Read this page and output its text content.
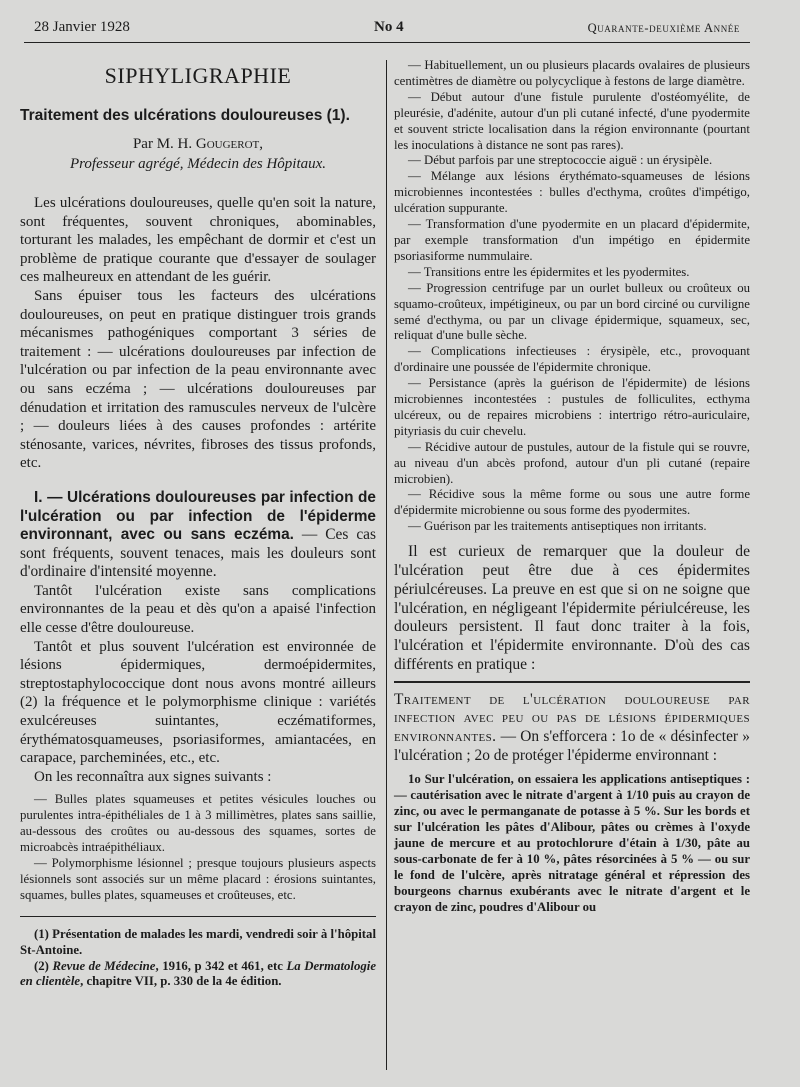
28 Janvier 1928	No 4	Quarante-deuxième Année
SIPHYLIGRAPHIE
Traitement des ulcérations douloureuses (1).

Par M. H. Gougerot,

Professeur agrégé, Médecin des Hôpitaux.

Les ulcérations douloureuses, quelle qu'en soit la nature, sont fréquentes, souvent chroniques, abominables, torturant les malades, les empêchant de dormir et c'est un problème de pratique courante que d'essayer de soulager ces malheureux en attendant de les guérir.

Sans épuiser tous les facteurs des ulcérations douloureuses, on peut en pratique distinguer trois grands mécanismes pathogéniques comportant 3 séries de traitement : — ulcérations douloureuses par infection de l'ulcération ou par infection de la peau environnante avec ou sans eczéma ; — ulcérations douloureuses par dénudation et irritation des ramuscules nerveux de l'ulcère ; — douleurs liées à des causes profondes : artérite sténosante, varices, névrites, fibroses des tissus profonds, etc.

I. — Ulcérations douloureuses par infection de l'ulcération ou par infection de l'épiderme environnant, avec ou sans eczéma. — Ces cas sont fréquents, souvent tenaces, mais les douleurs sont d'ordinaire d'intensité moyenne.

Tantôt l'ulcération existe sans complications environnantes de la peau et dès qu'on a apaisé l'infection elle cesse d'être douloureuse.

Tantôt et plus souvent l'ulcération est environnée de lésions épidermiques, dermoépidermites, streptostaphylococcique dont nous avons montré ailleurs (2) la fréquence et le polymorphisme clinique : variétés exulcéreuses suintantes, eczématiformes, érythématosquameuses, psoriasiformes, amiantacées, en carapace, parcheminées, etc., etc.

On les reconnaîtra aux signes suivants :

— Bulles plates squameuses et petites vésicules louches ou purulentes intra-épithéliales de 1 à 3 millimètres, plates sans saillie, au-dessous des croûtes ou au-dessous des squames, sortes de microabcès intraépithéliaux.

— Polymorphisme lésionnel ; presque toujours plusieurs aspects lésionnels sont associés sur un même placard : érosions suintantes, squames, bulles plates, squameuses et croûteuses, etc.

(1) Présentation de malades les mardi, vendredi soir à l'hôpital St-Antoine.

(2) Revue de Médecine, 1916, p 342 et 461, etc La Dermatologie en clientèle, chapitre VII, p. 330 de la 4e édition.

— Habituellement, un ou plusieurs placards ovalaires de plusieurs centimètres de diamètre ou polycyclique à festons de large diamètre.

— Début autour d'une fistule purulente d'ostéomyélite, de pleurésie, d'adénite, autour d'un pli cutané infecté, d'une pyodermite et souvent stricte localisation dans la région environnante (pourtant les inoculations à distance ne sont pas rares).

— Début parfois par une streptococcie aiguë : un érysipèle.

— Mélange aux lésions érythémato-squameuses de lésions microbiennes incontestées : bulles d'ecthyma, croûtes d'impétigo, ulcération suppurante.

— Transformation d'une pyodermite en un placard d'épidermite, par exemple transformation d'un impétigo en épidermite psoriasiforme nummulaire.

— Transitions entre les épidermites et les pyodermites.

— Progression centrifuge par un ourlet bulleux ou croûteux ou squamo-croûteux, impétigineux, ou par un bord circiné ou curviligne semé d'ecthyma, ou par un clivage épidermique, squameux, sec, reliquat d'une bulle sèche.

— Complications infectieuses : érysipèle, etc., provoquant d'ordinaire une poussée de l'épidermite chronique.

— Persistance (après la guérison de l'épidermite) de lésions microbiennes incontestées : pustules de folliculites, ecthyma ulcéreux, ou de repaires microbiens : intertrigo rétro-auriculaire, pityriasis du cuir chevelu.

— Récidive autour de pustules, autour de la fistule qui se rouvre, au niveau d'un abcès profond, autour d'un pli cutané (repaire microbien).

— Récidive sous la même forme ou sous une autre forme d'épidermite microbienne ou sous forme des pyodermites.

— Guérison par les traitements antiseptiques non irritants.

Il est curieux de remarquer que la douleur de l'ulcération peut être due à ces épidermites périulcéreuses. La preuve en est que si on ne soigne que l'ulcération, en négligeant l'épidermite périulcéreuse, les douleurs persistent. Il faut donc traiter à la fois, l'ulcération et l'épidermite environnante. D'où des cas différents en pratique :

Traitement de l'ulcération douloureuse par infection avec peu ou pas de lésions épidermiques environnantes. — On s'efforcera : 1o de « désinfecter » l'ulcération ; 2o de protéger l'épiderme environnant :

1o Sur l'ulcération, on essaiera les applications antiseptiques : — cautérisation avec le nitrate d'argent à 1/10 puis au crayon de zinc, ou avec le permanganate de potasse à 5 %. Sur les bords et sur l'ulcération les pâtes d'Alibour, pâtes ou crèmes à l'oxyde jaune de mercure et au protochlorure d'étain à 1/30, pâte au sous-carbonate de fer à 10 %, pâtes résorcinées à 5 % — ou sur le fond de l'ulcère, après nitratage général et répression des bourgeons charnus exubérants avec le nitrate d'argent et le crayon de zinc, poudres d'Alibour ou
